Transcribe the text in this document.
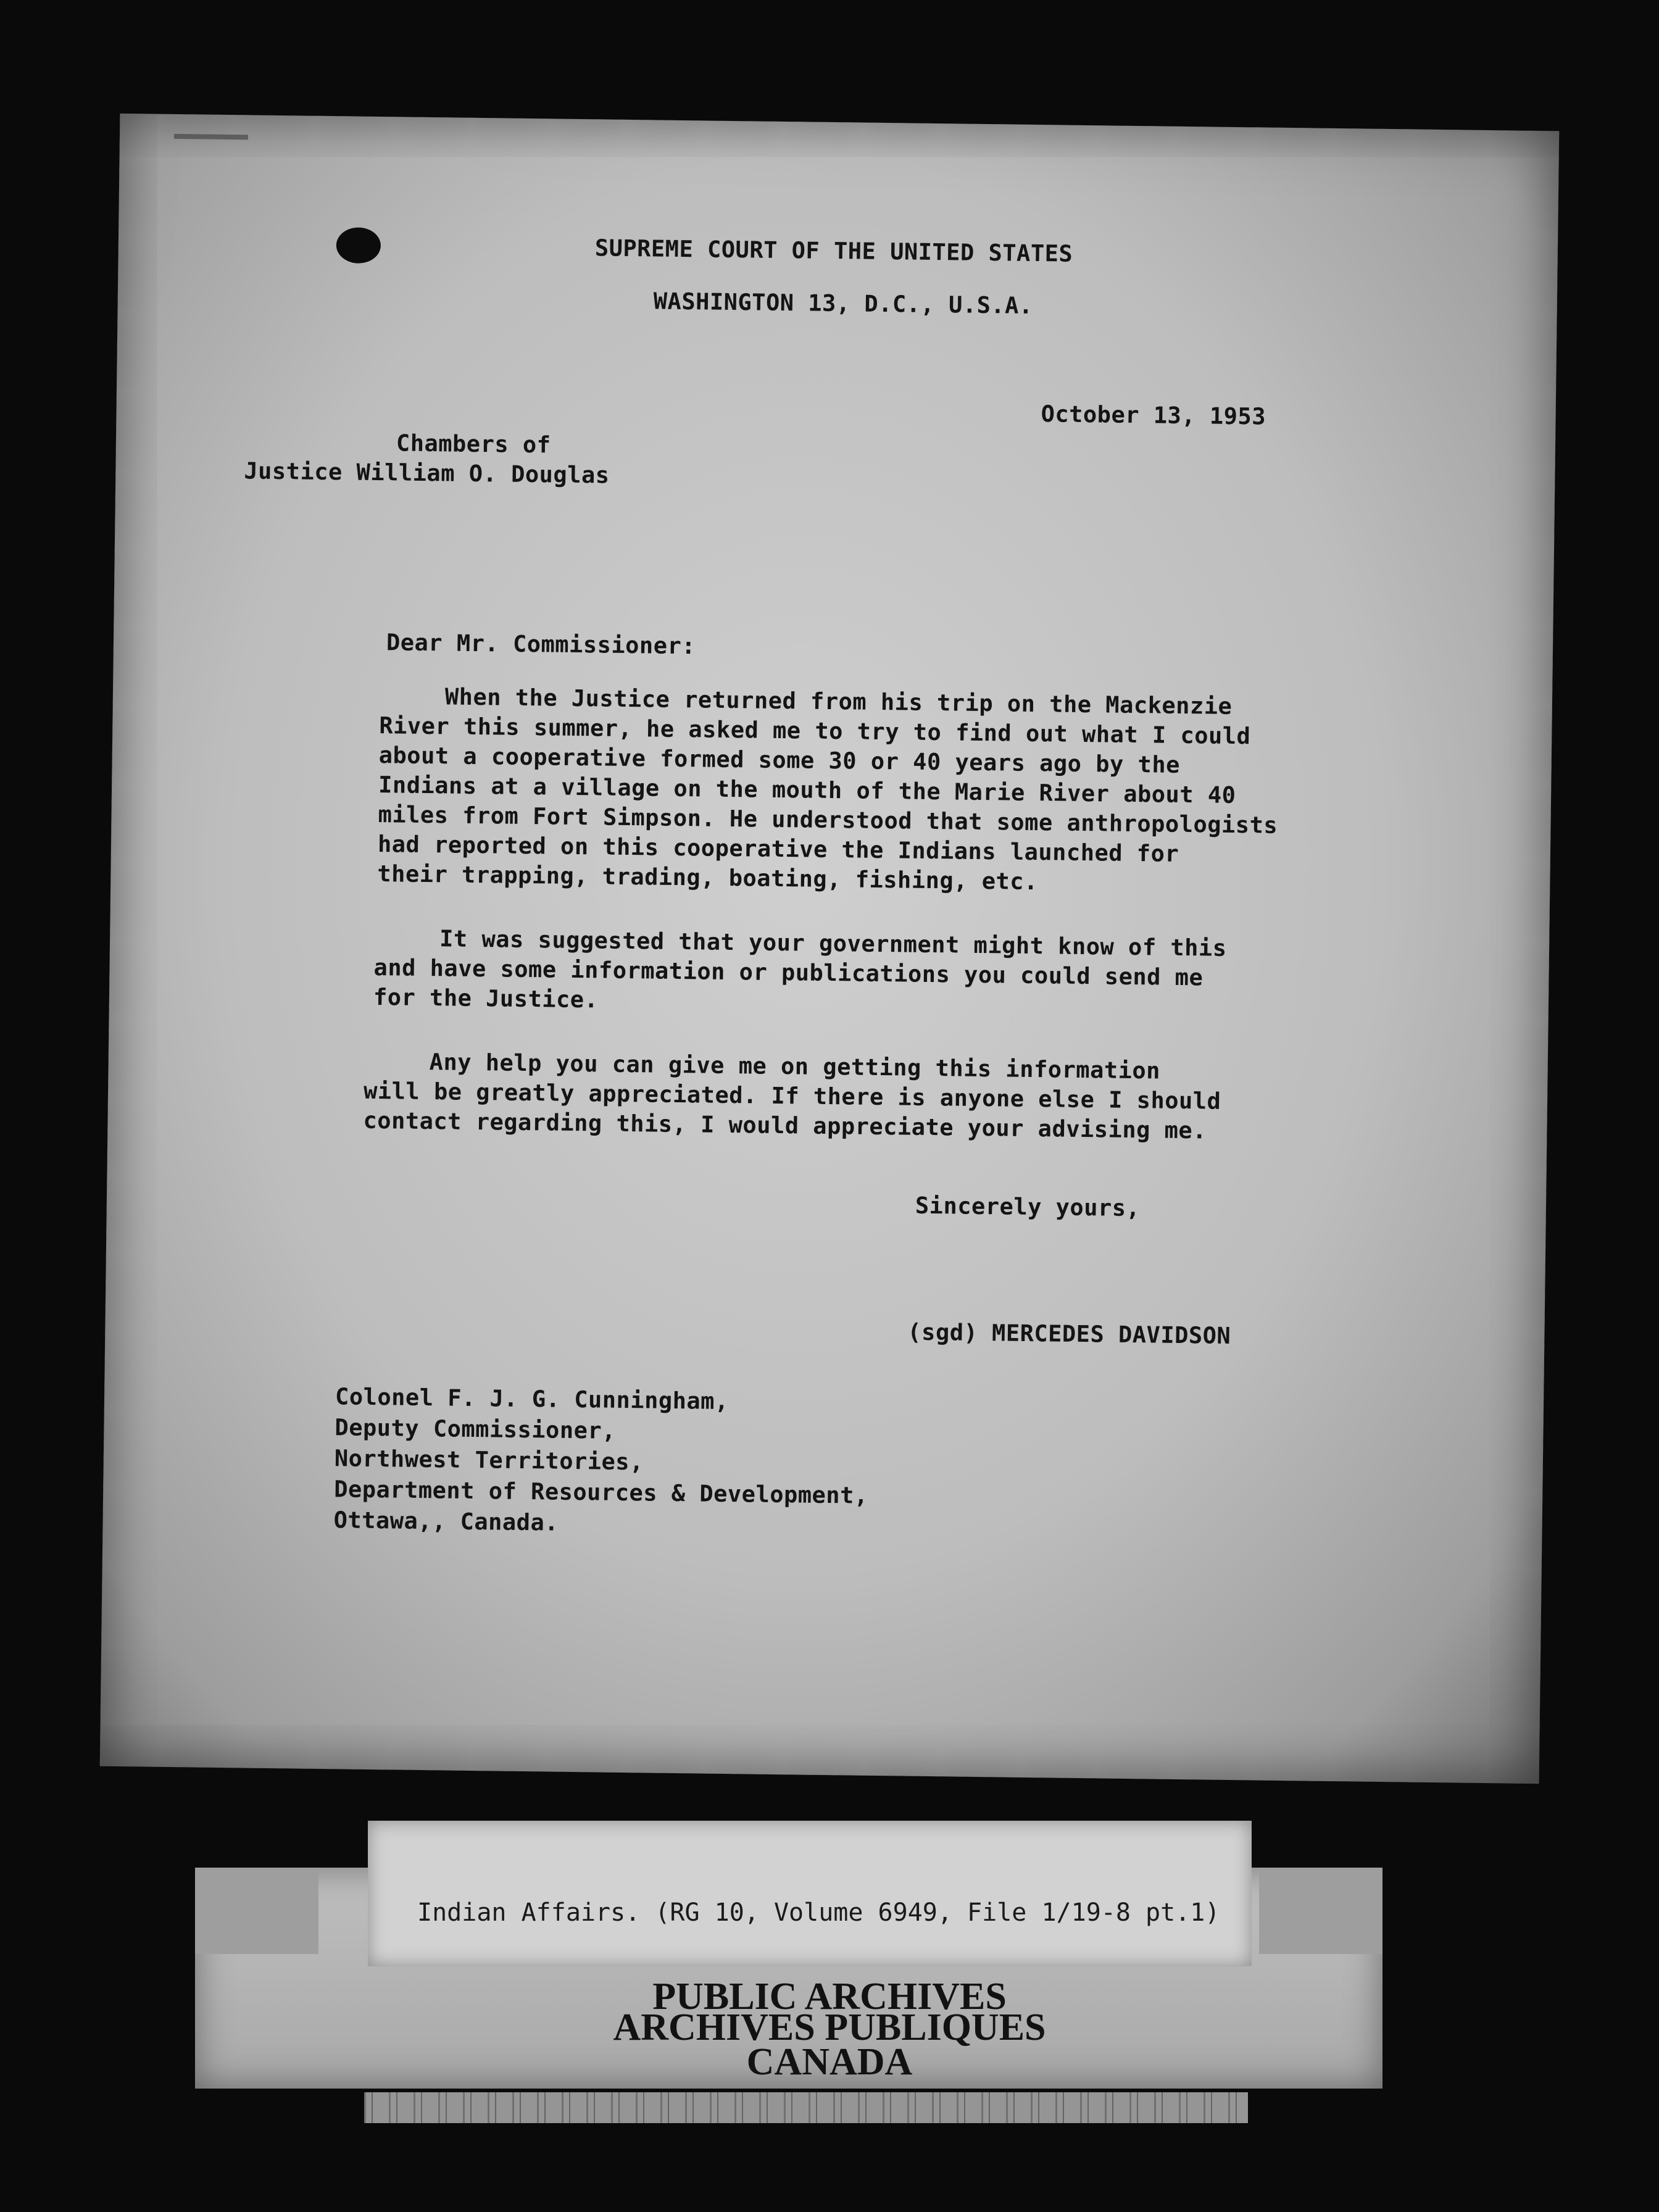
SUPREME COURT OF THE UNITED STATES
WASHINGTON 13, D.C., U.S.A.
October 13, 1953
Chambers of
Justice William O. Douglas
Dear Mr. Commissioner:
When the Justice returned from his trip on the Mackenzie
River this summer, he asked me to try to find out what I could
about a cooperative formed some 30 or 40 years ago by the
Indians at a village on the mouth of the Marie River about 40
miles from Fort Simpson. He understood that some anthropologists
had reported on this cooperative the Indians launched for
their trapping, trading, boating, fishing, etc.
It was suggested that your government might know of this
and have some information or publications you could send me
for the Justice.
Any help you can give me on getting this information
will be greatly appreciated. If there is anyone else I should
contact regarding this, I would appreciate your advising me.
Sincerely yours,
(sgd) MERCEDES DAVIDSON
Colonel F. J. G. Cunningham,
Deputy Commissioner,
Northwest Territories,
Department of Resources & Development,
Ottawa,, Canada.
Indian Affairs. (RG 10, Volume 6949, File 1/19-8 pt.1)
PUBLIC ARCHIVES
ARCHIVES PUBLIQUES
CANADA
